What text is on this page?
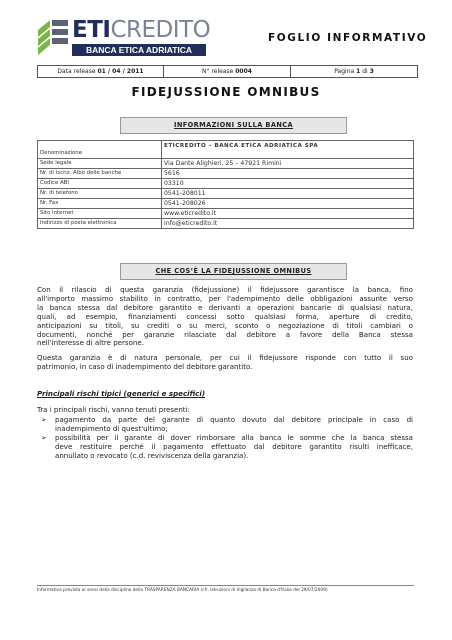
ETICREDITO
BANCA ETICA ADRIATICA
FOGLIO INFORMATIVO
Data release 01 / 04 / 2011	N° release 0004	Pagina 1 di 3
FIDEJUSSIONE OMNIBUS
INFORMAZIONI SULLA BANCA
Denominazione	ETICREDITO – BANCA ETICA ADRIATICA SPA
Sede legale	Via Dante Alighieri, 25 – 47921 Rimini
Nr. di iscriz. Albo delle banche	5616
Codice ABI	03310
Nr. di telefono	0541-208011
Nr. Fax	0541-208026
Sito Internet	www.eticredito.it
Indirizzo di posta elettronica	info@eticredito.it
CHE COS’È LA FIDEJUSSIONE OMNIBUS
Con il rilascio di questa garanzia (fidejussione) il fidejussore garantisce la banca, fino
all'importo massimo stabilito in contratto, per l'adempimento delle obbligazioni assunte verso
la banca stessa dal debitore garantito e derivanti a operazioni bancarie di qualsiasi natura,
quali, ad esempio, finanziamenti concessi sotto qualsiasi forma, aperture di credito,
anticipazioni su titoli, su crediti o su merci, sconto o negoziazione di titoli cambiari o
documenti, nonché per garanzie rilasciate dal debitore a favore della Banca stessa
nell'interesse di altre persone.
Questa garanzia è di natura personale, per cui il fidejussore risponde con tutto il suo
patrimonio, in caso di inadempimento del debitore garantito.
Principali rischi tipici (generici e specifici)
Tra i principali rischi, vanno tenuti presenti:
➢ pagamento da parte del garante di quanto dovuto dal debitore principale in caso di
inadempimento di quest'ultimo;
➢ possibilità per il garante di dover rimborsare alla banca le somme che la banca stessa
deve restituire perché il pagamento effettuato dal debitore garantito risulti inefficace,
annullato o revocato (c.d. reviviscenza della garanzia).
Informativa prevista ai sensi della disciplina della TRASPARENZA BANCARIA (cfr. Istruzioni di Vigilanza di Banca d'Italia del 29/07/2009)
